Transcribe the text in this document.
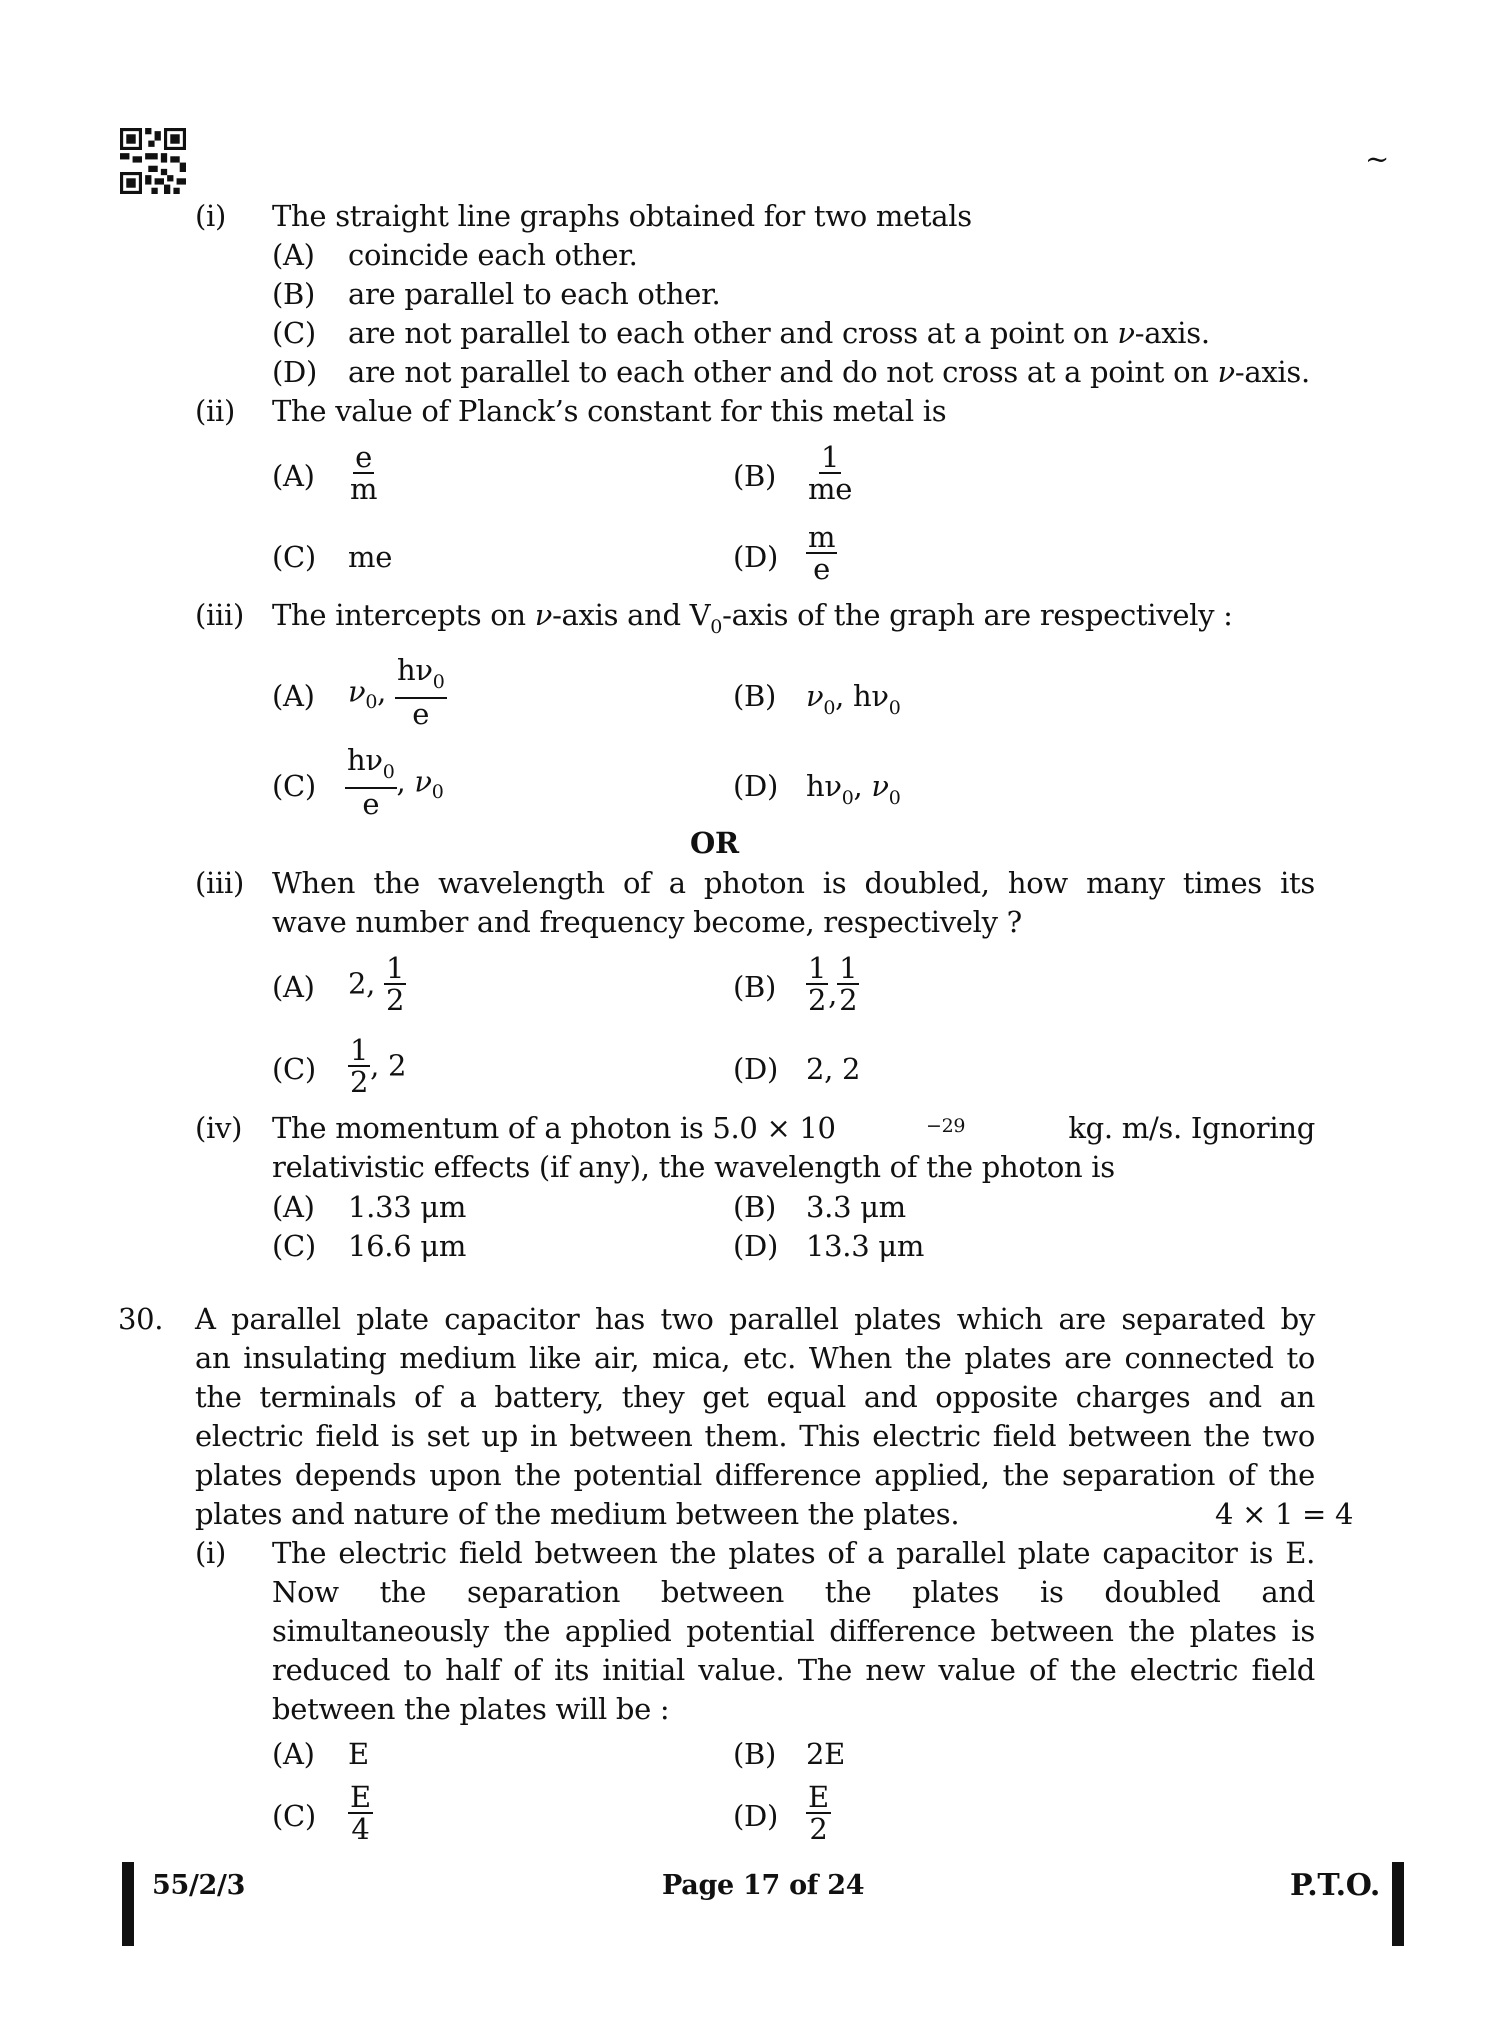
~
(i) The straight line graphs obtained for two metals
(A) coincide each other.
(B) are parallel to each other.
(C) are not parallel to each other and cross at a point on ν-axis.
(D) are not parallel to each other and do not cross at a point on ν-axis.
(ii) The value of Planck’s constant for this metal is
$(A) \frac{e}{m}$	$(B) \frac{1}{me}$
(C) me	$(D) \frac{m}{e}$
(iii) The intercepts on ν-axis and $V_0$-axis of the graph are respectively :
(A) $\nu_0$, $\frac{h\nu_0}{e}$	(B) $\nu_0$, $h\nu_0$
$(C) \frac{h\nu_0}{e}$ , $\nu_0$	(D) $h\nu_0$, $\nu_0$
OR
(iii) When the wavelength of a photon is doubled, how many times its
wave number and frequency become, respectively ?
(A) 2, $\frac{1}{2}$	$(B) \frac{1}{2}$ , $\frac{1}{2}$
$(C) \frac{1}{2}$ , 2	(D) 2, 2
(iv) The momentum of a photon is 5.0 × 10	−29	kg. m/s. Ignoring
relativistic effects (if any), the wavelength of the photon is
(A) 1.33 μm	(B) 3.3 μm
(C) 16.6 μm	(D) 13.3 μm
30. A parallel plate capacitor has two parallel plates which are separated by
an insulating medium like air, mica, etc. When the plates are connected to
the terminals of a battery, they get equal and opposite charges and an
electric field is set up in between them. This electric field between the two
plates depends upon the potential difference applied, the separation of the
plates and nature of the medium between the plates.	4 × 1 = 4
(i) The electric field between the plates of a parallel plate capacitor is E.
Now the separation between the plates is doubled and
simultaneously the applied potential difference between the plates is
reduced to half of its initial value. The new value of the electric field
between the plates will be :
(A) E	(B) 2E
$(C) \frac{E}{4}$	$(D) \frac{E}{2}$
55/2/3	Page 17 of 24	P.T.O.
